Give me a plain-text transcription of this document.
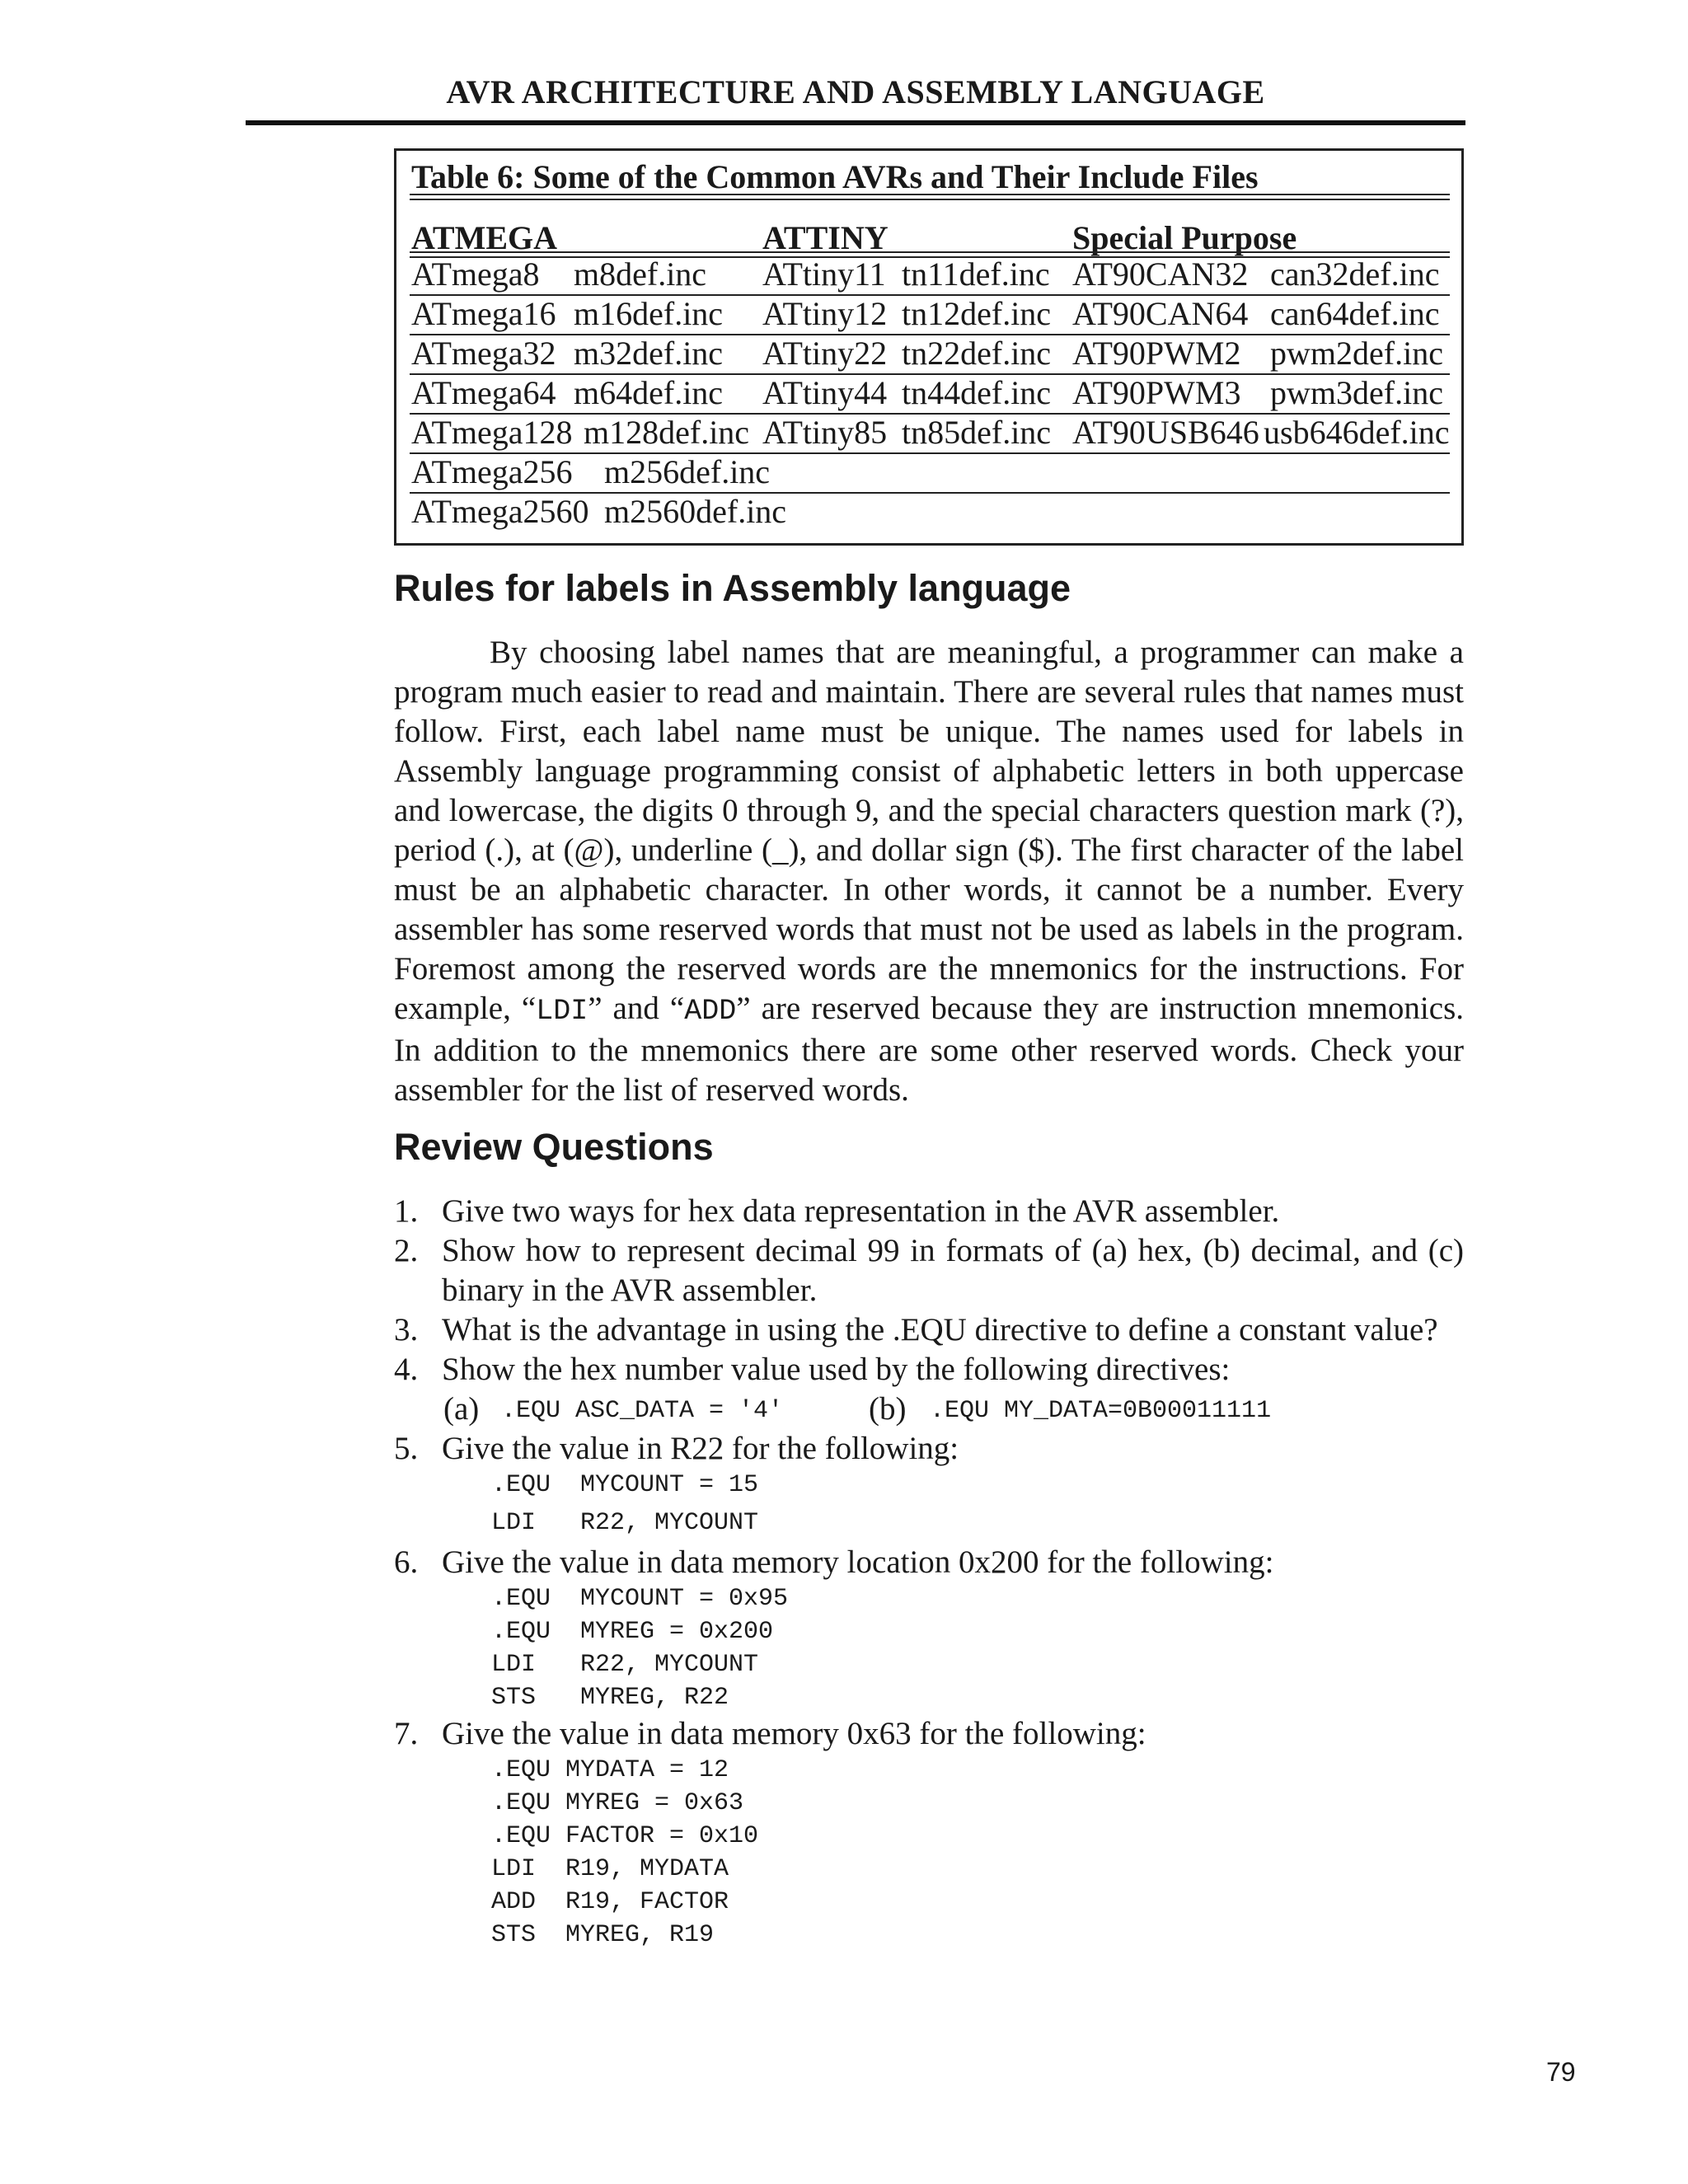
AVR ARCHITECTURE AND ASSEMBLY LANGUAGE
Table 6: Some of the Common AVRs and Their Include Files
ATMEGA	ATTINY	Special Purpose
ATmega8 m8def.inc ATtiny11 tn11def.inc AT90CAN32 can32def.inc
ATmega16 m16def.inc ATtiny12 tn12def.inc AT90CAN64 can64def.inc
ATmega32 m32def.inc ATtiny22 tn22def.inc AT90PWM2 pwm2def.inc
ATmega64 m64def.inc ATtiny44 tn44def.inc AT90PWM3 pwm3def.inc
ATmega128 m128def.inc ATtiny85 tn85def.inc AT90USB646 usb646def.inc
ATmega256 m256def.inc
ATmega2560 m2560def.inc
Rules for labels in Assembly language
By choosing label names that are meaningful, a programmer can make a program much easier to read and maintain. There are several rules that names must follow. First, each label name must be unique. The names used for labels in Assembly language programming consist of alphabetic letters in both uppercase and lowercase, the digits 0 through 9, and the special characters question mark (?), period (.), at (@), underline (_), and dollar sign ($). The first character of the label must be an alphabetic character. In other words, it cannot be a number. Every assembler has some reserved words that must not be used as labels in the program. Foremost among the reserved words are the mnemonics for the instructions. For example, “LDI” and “ADD” are reserved because they are instruction mnemonics. In addition to the mnemonics there are some other reserved words. Check your assembler for the list of reserved words.
Review Questions
1. Give two ways for hex data representation in the AVR assembler.
2. Show how to represent decimal 99 in formats of (a) hex, (b) decimal, and (c) binary in the AVR assembler.
3. What is the advantage in using the .EQU directive to define a constant value?
4. Show the hex number value used by the following directives:
(a) .EQU ASC_DATA = '4'	(b) .EQU MY_DATA=0B00011111
5. Give the value in R22 for the following:
.EQU  MYCOUNT = 15
LDI   R22, MYCOUNT
6. Give the value in data memory location 0x200 for the following:
.EQU  MYCOUNT = 0x95
.EQU  MYREG = 0x200
LDI   R22, MYCOUNT
STS   MYREG, R22
7. Give the value in data memory 0x63 for the following:
.EQU MYDATA = 12
.EQU MYREG = 0x63
.EQU FACTOR = 0x10
LDI  R19, MYDATA
ADD  R19, FACTOR
STS  MYREG, R19
79
